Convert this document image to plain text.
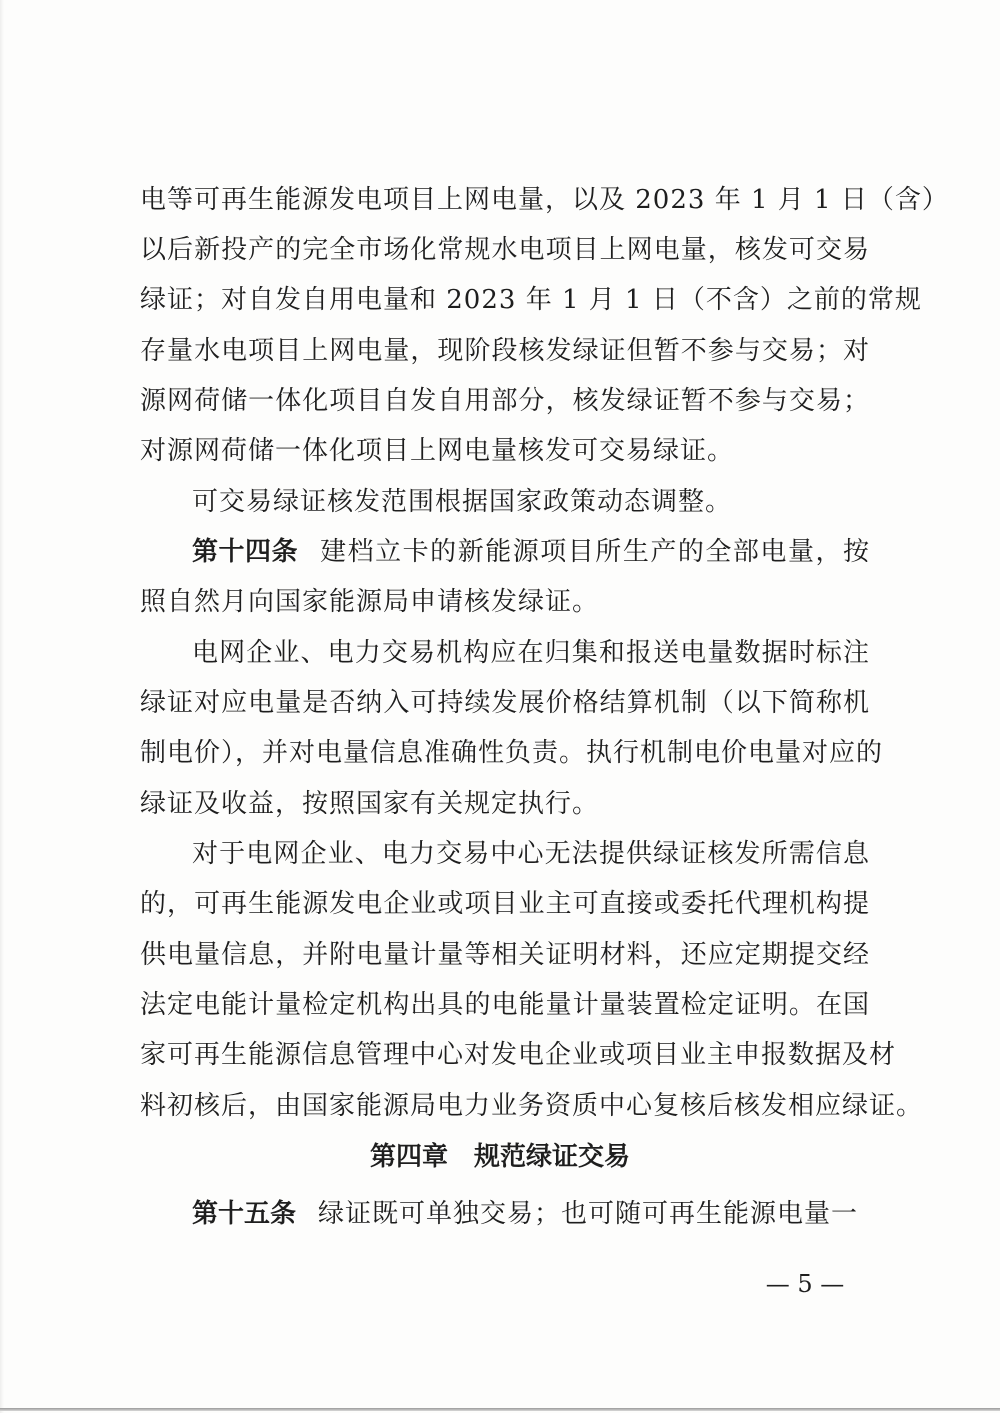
电等可再生能源发电项目上网电量，以及 2023 年 1 月 1 日（含）
以后新投产的完全市场化常规水电项目上网电量，核发可交易
绿证；对自发自用电量和 2023 年 1 月 1 日（不含）之前的常规
存量水电项目上网电量，现阶段核发绿证但暂不参与交易；对
源网荷储一体化项目自发自用部分，核发绿证暂不参与交易；
对源网荷储一体化项目上网电量核发可交易绿证。
可交易绿证核发范围根据国家政策动态调整。
第十四条 建档立卡的新能源项目所生产的全部电量，按
照自然月向国家能源局申请核发绿证。
电网企业、电力交易机构应在归集和报送电量数据时标注
绿证对应电量是否纳入可持续发展价格结算机制（以下简称机
制电价），并对电量信息准确性负责。执行机制电价电量对应的
绿证及收益，按照国家有关规定执行。
对于电网企业、电力交易中心无法提供绿证核发所需信息
的，可再生能源发电企业或项目业主可直接或委托代理机构提
供电量信息，并附电量计量等相关证明材料，还应定期提交经
法定电能计量检定机构出具的电能量计量装置检定证明。在国
家可再生能源信息管理中心对发电企业或项目业主申报数据及材
料初核后，由国家能源局电力业务资质中心复核后核发相应绿证。
第四章 规范绿证交易
第十五条 绿证既可单独交易；也可随可再生能源电量一
— 5 —
